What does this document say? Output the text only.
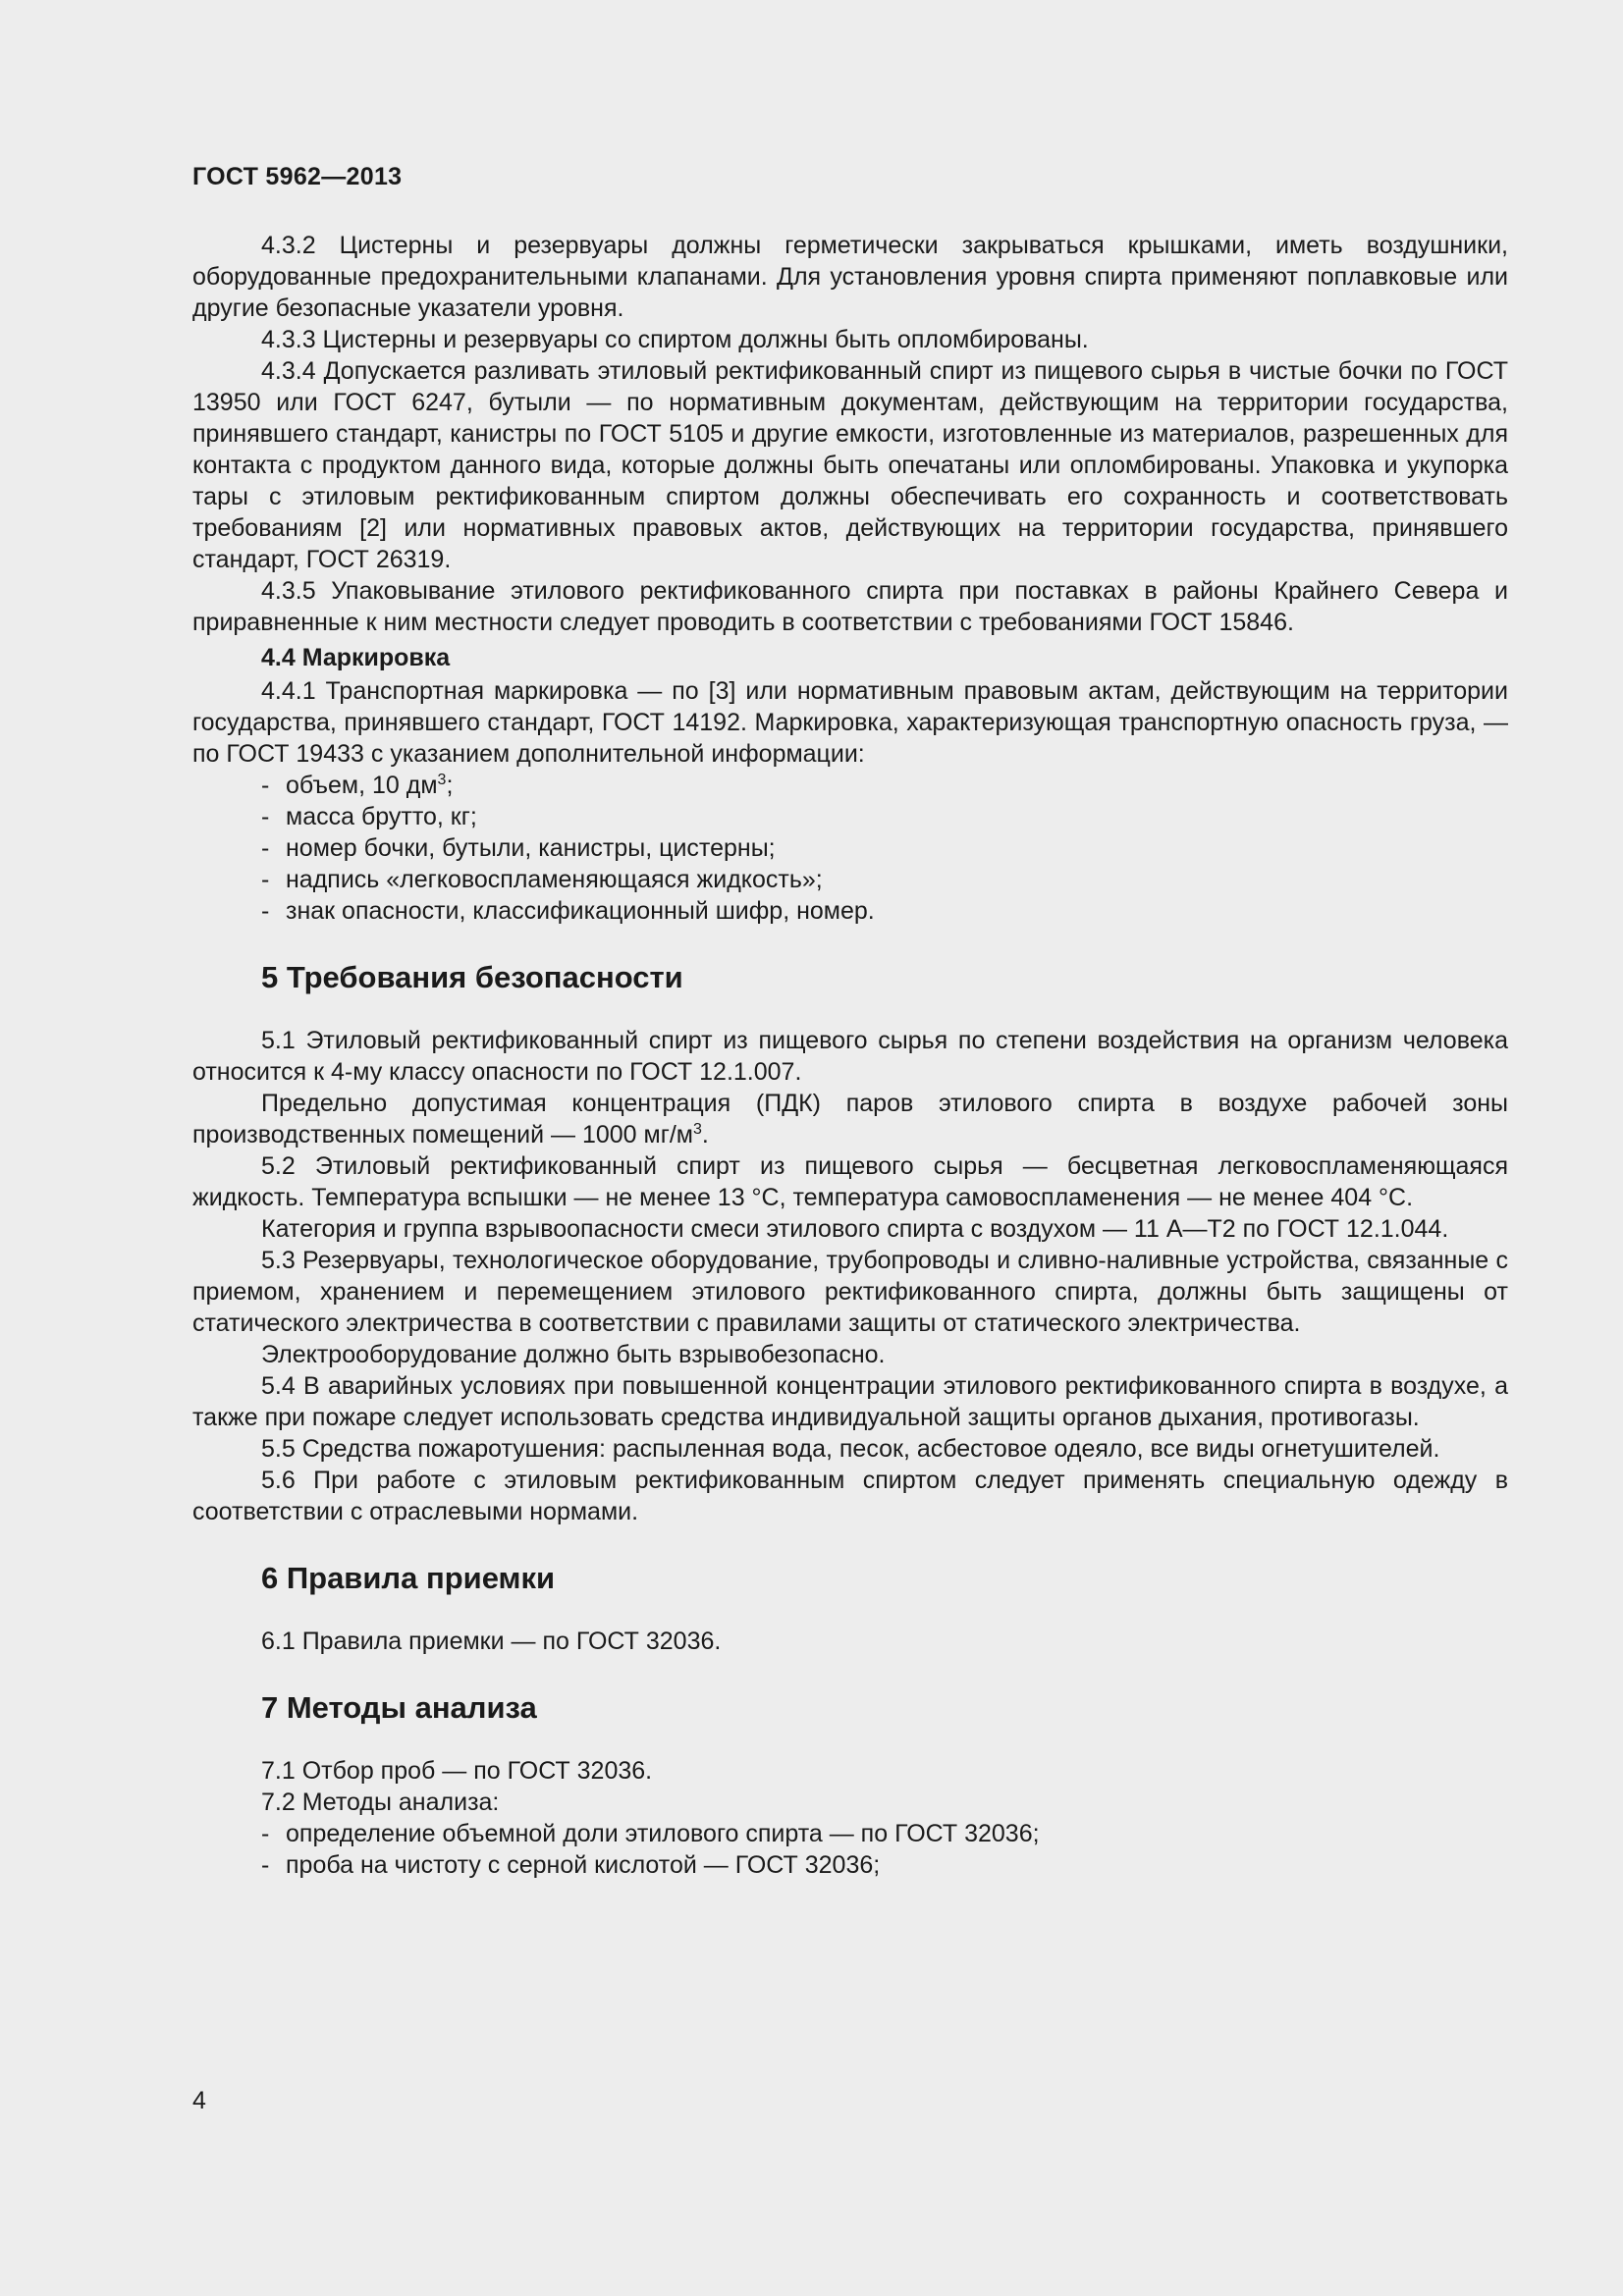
ГОСТ 5962—2013

4.3.2 Цистерны и резервуары должны герметически закрываться крышками, иметь воздушники, оборудованные предохранительными клапанами. Для установления уровня спирта применяют поплавковые или другие безопасные указатели уровня.

4.3.3 Цистерны и резервуары со спиртом должны быть опломбированы.

4.3.4 Допускается разливать этиловый ректификованный спирт из пищевого сырья в чистые бочки по ГОСТ 13950 или ГОСТ 6247, бутыли — по нормативным документам, действующим на территории государства, принявшего стандарт, канистры по ГОСТ 5105 и другие емкости, изготовленные из материалов, разрешенных для контакта с продуктом данного вида, которые должны быть опечатаны или опломбированы. Упаковка и укупорка тары с этиловым ректификованным спиртом должны обеспечивать его сохранность и соответствовать требованиям [2] или нормативных правовых актов, действующих на территории государства, принявшего стандарт, ГОСТ 26319.

4.3.5 Упаковывание этилового ректификованного спирта при поставках в районы Крайнего Севера и приравненные к ним местности следует проводить в соответствии с требованиями ГОСТ 15846.

4.4 Маркировка

4.4.1 Транспортная маркировка — по [3] или нормативным правовым актам, действующим на территории государства, принявшего стандарт, ГОСТ 14192. Маркировка, характеризующая транспортную опасность груза, — по ГОСТ 19433 с указанием дополнительной информации:

- объем, 10 $дм^3$;
- масса брутто, кг;
- номер бочки, бутыли, канистры, цистерны;
- надпись «легковоспламеняющаяся жидкость»;
- знак опасности, классификационный шифр, номер.
5 Требования безопасности

5.1 Этиловый ректификованный спирт из пищевого сырья по степени воздействия на организм человека относится к 4-му классу опасности по ГОСТ 12.1.007.

Предельно допустимая концентрация (ПДК) паров этилового спирта в воздухе рабочей зоны производственных помещений — 1000 $мг/м^3$.

5.2 Этиловый ректификованный спирт из пищевого сырья — бесцветная легковоспламеняющаяся жидкость. Температура вспышки — не менее 13 °С, температура самовоспламенения — не менее 404 °С.

Категория и группа взрывоопасности смеси этилового спирта с воздухом — 11 А—Т2 по ГОСТ 12.1.044.

5.3 Резервуары, технологическое оборудование, трубопроводы и сливно-наливные устройства, связанные с приемом, хранением и перемещением этилового ректификованного спирта, должны быть защищены от статического электричества в соответствии с правилами защиты от статического электричества.

Электрооборудование должно быть взрывобезопасно.

5.4 В аварийных условиях при повышенной концентрации этилового ректификованного спирта в воздухе, а также при пожаре следует использовать средства индивидуальной защиты органов дыхания, противогазы.

5.5 Средства пожаротушения: распыленная вода, песок, асбестовое одеяло, все виды огнетушителей.

5.6 При работе с этиловым ректификованным спиртом следует применять специальную одежду в соответствии с отраслевыми нормами.

6 Правила приемки

6.1 Правила приемки — по ГОСТ 32036.

7 Методы анализа

7.1 Отбор проб — по ГОСТ 32036.

7.2 Методы анализа:

- определение объемной доли этилового спирта — по ГОСТ 32036;
- проба на чистоту с серной кислотой — ГОСТ 32036;
4
